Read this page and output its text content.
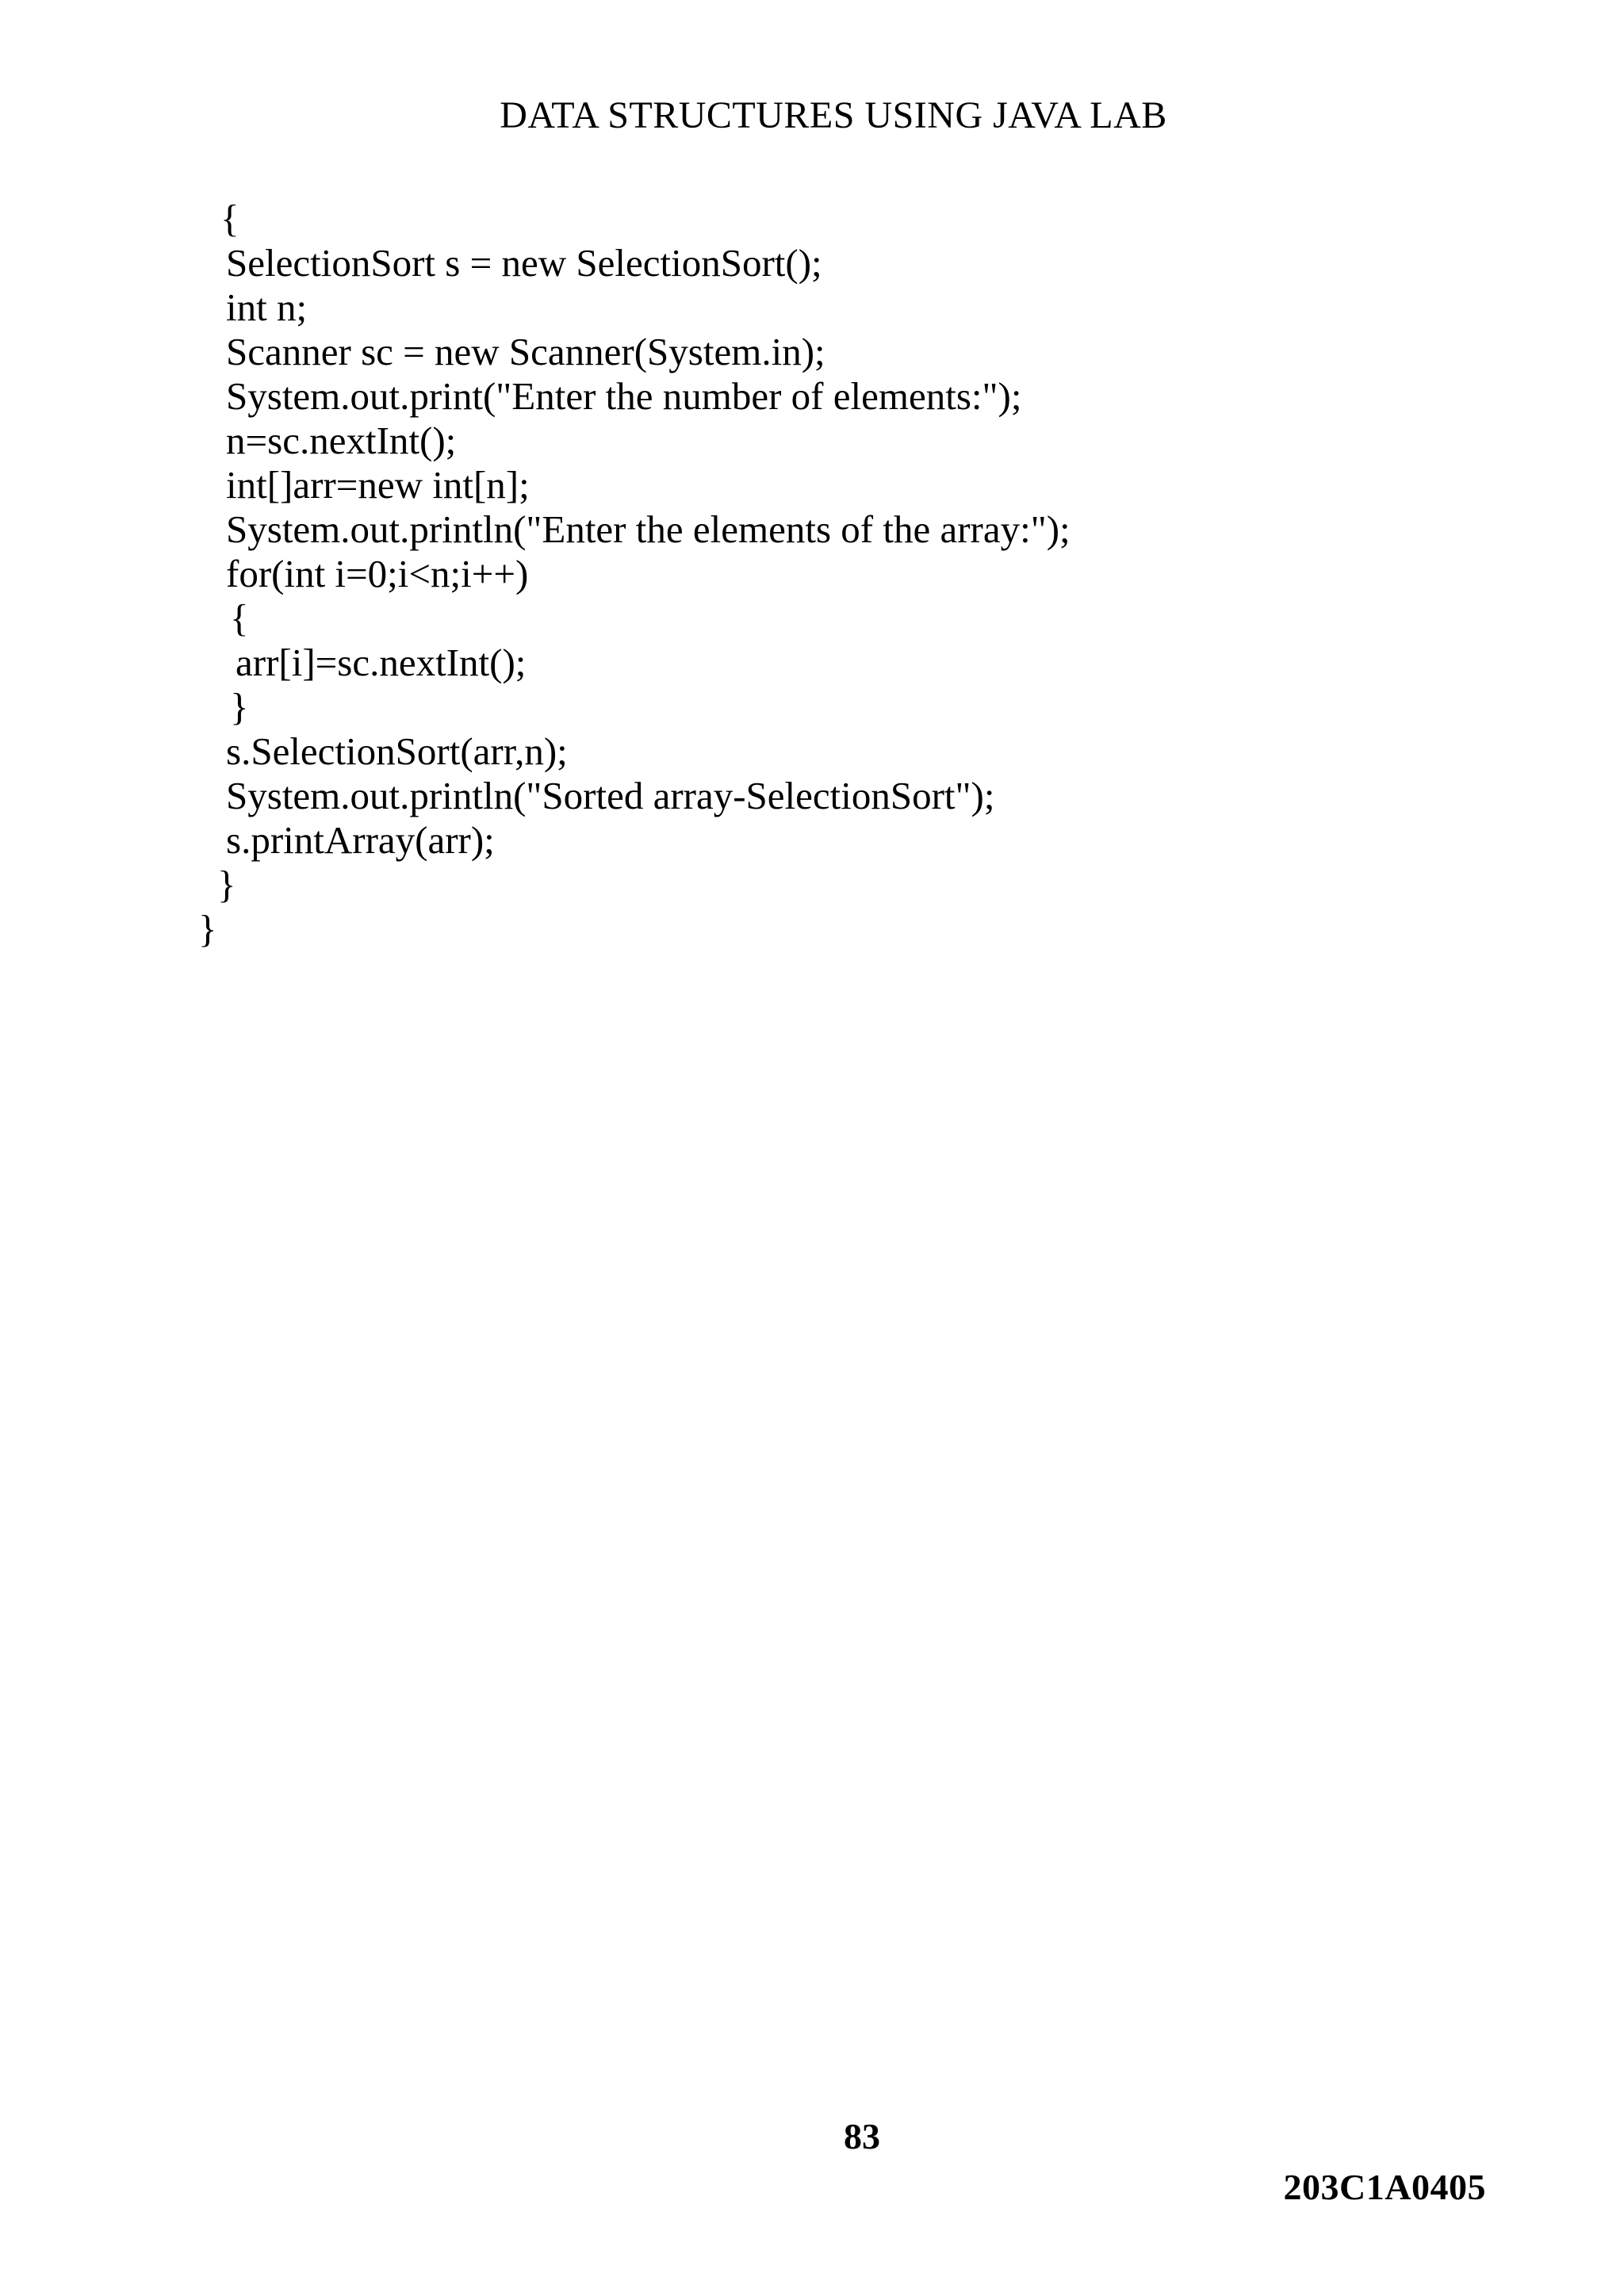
DATA STRUCTURES USING JAVA LAB
{
SelectionSort s = new SelectionSort();
int n;
Scanner sc = new Scanner(System.in);
System.out.print("Enter the number of elements:");
n=sc.nextInt();
int[]arr=new int[n];
System.out.println("Enter the elements of the array:");
for(int i=0;i<n;i++)
{
arr[i]=sc.nextInt();
}
s.SelectionSort(arr,n);
System.out.println("Sorted array-SelectionSort");
s.printArray(arr);
}
}
83
203C1A0405
